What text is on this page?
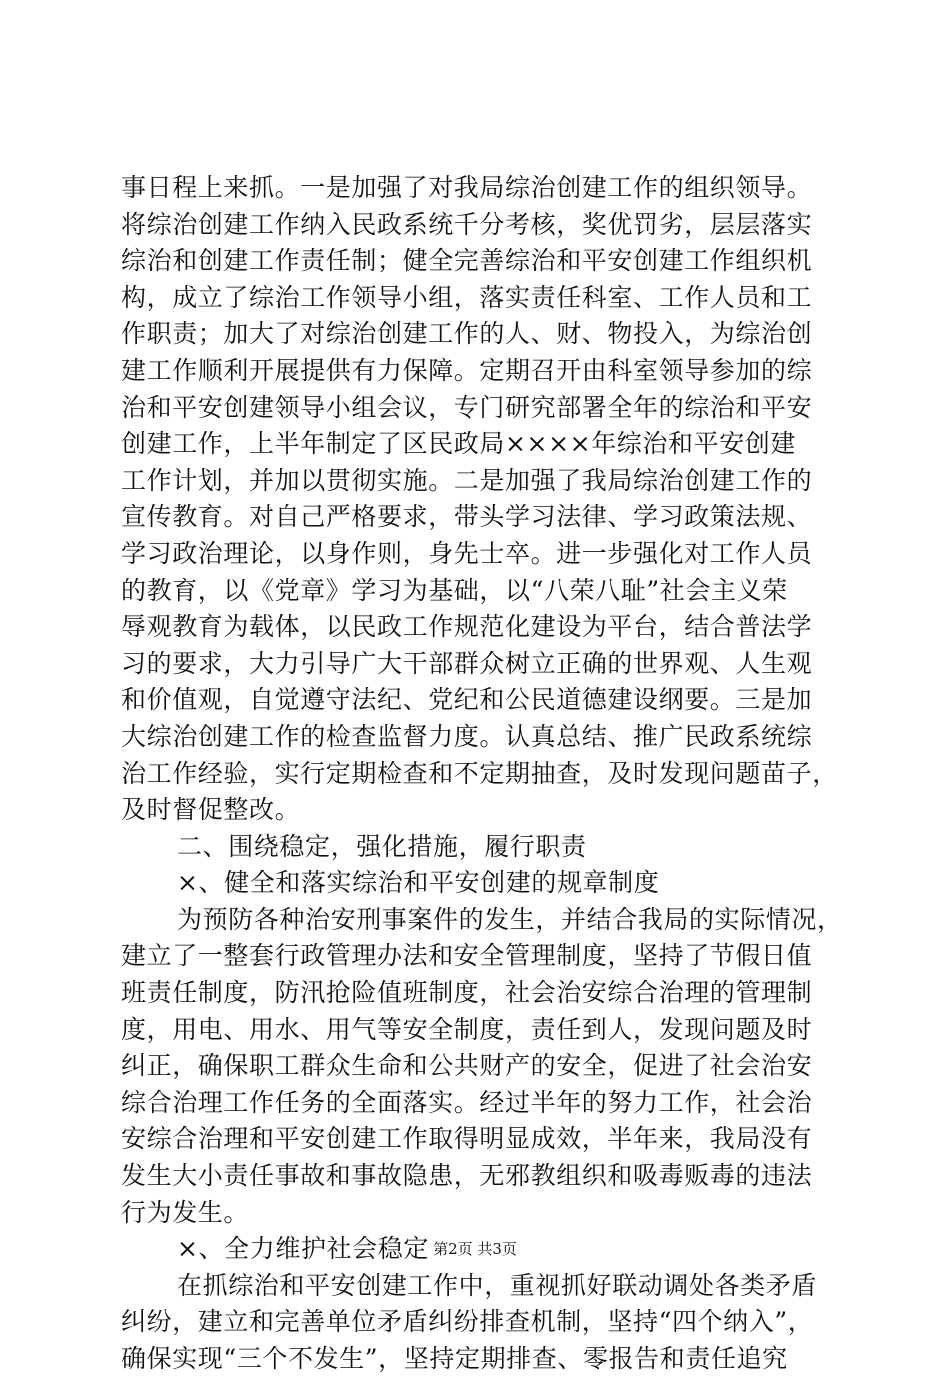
事日程上来抓。一是加强了对我局综治创建工作的组织领导。
将综治创建工作纳入民政系统千分考核，奖优罚劣，层层落实
综治和创建工作责任制；健全完善综治和平安创建工作组织机
构，成立了综治工作领导小组，落实责任科室、工作人员和工
作职责；加大了对综治创建工作的人、财、物投入，为综治创
建工作顺利开展提供有力保障。定期召开由科室领导参加的综
治和平安创建领导小组会议，专门研究部署全年的综治和平安
创建工作，上半年制定了区民政局××××年综治和平安创建
工作计划，并加以贯彻实施。二是加强了我局综治创建工作的
宣传教育。对自己严格要求，带头学习法律、学习政策法规、
学习政治理论，以身作则，身先士卒。进一步强化对工作人员
的教育，以《党章》学习为基础，以“八荣八耻”社会主义荣
辱观教育为载体，以民政工作规范化建设为平台，结合普法学
习的要求，大力引导广大干部群众树立正确的世界观、人生观
和价值观，自觉遵守法纪、党纪和公民道德建设纲要。三是加
大综治创建工作的检查监督力度。认真总结、推广民政系统综
治工作经验，实行定期检查和不定期抽查，及时发现问题苗子，
及时督促整改。
二、围绕稳定，强化措施，履行职责
×、健全和落实综治和平安创建的规章制度
为预防各种治安刑事案件的发生，并结合我局的实际情况，
建立了一整套行政管理办法和安全管理制度，坚持了节假日值
班责任制度，防汛抢险值班制度，社会治安综合治理的管理制
度，用电、用水、用气等安全制度，责任到人，发现问题及时
纠正，确保职工群众生命和公共财产的安全，促进了社会治安
综合治理工作任务的全面落实。经过半年的努力工作，社会治
安综合治理和平安创建工作取得明显成效，半年来，我局没有
发生大小责任事故和事故隐患，无邪教组织和吸毒贩毒的违法
行为发生。
×、全力维护社会稳定
在抓综治和平安创建工作中，重视抓好联动调处各类矛盾
纠纷，建立和完善单位矛盾纠纷排查机制，坚持“四个纳入”，
确保实现“三个不发生”，坚持定期排查、零报告和责任追究
第2页 共3页
